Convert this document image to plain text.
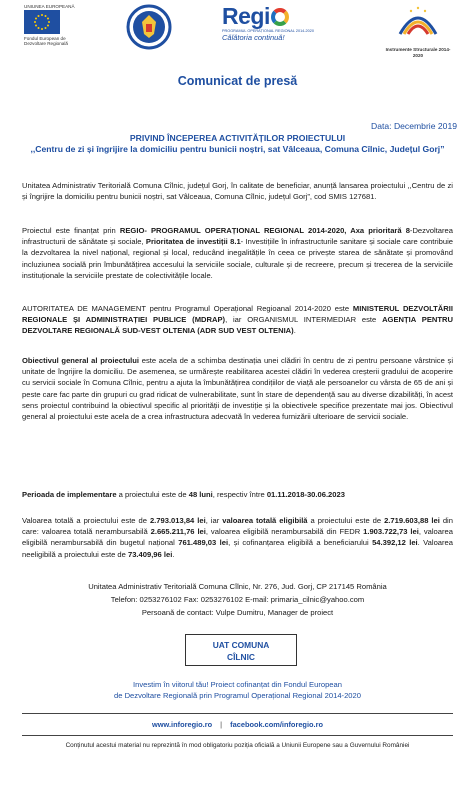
UNIUNEA EUROPEANĂ
Fondul European de Dezvoltare Regională
Regi
PROGRAMUL OPERAȚIONAL REGIONAL 2014-2020
Călătoria continuă!
Instrumente Structurale 2014-2020
Comunicat de presă
Data: Decembrie 2019
PRIVIND ÎNCEPEREA ACTIVITĂȚILOR PROIECTULUI
,,Centru de zi și îngrijire la domiciliu pentru bunicii noștri, sat Vâlceaua, Comuna Cîlnic, Județul Gorj”
Unitatea Administrativ Teritorială Comuna Cîlnic, județul Gorj, în calitate de beneficiar, anunță lansarea proiectului ,,Centru de zi și îngrijire la domiciliu pentru bunicii noștri, sat Vâlceaua, Comuna Cîlnic, județul Gorj”, cod SMIS 127681.
Proiectul este finanțat prin REGIO- PROGRAMUL OPERAȚIONAL REGIONAL 2014-2020, Axa prioritară 8-Dezvoltarea infrastructurii de sănătate și sociale, Prioritatea de investiții 8.1- Investițiile în infrastructurile sanitare și sociale care contribuie la dezvoltarea la nivel național, regional și local, reducând inegalitățile în ceea ce privește starea de sănătate și promovând incluziunea socială prin îmbunătățirea accesului la serviciile sociale, culturale și de recreere, precum și trecerea de la serviciile instituționale la serviciile prestate de colectivitățile locale.
AUTORITATEA DE MANAGEMENT pentru Programul Operațional Regioanal 2014-2020 este MINISTERUL DEZVOLTĂRII REGIONALE ȘI ADMINISTRAȚIEI PUBLICE (MDRAP), iar ORGANISMUL INTERMEDIAR este AGENȚIA PENTRU DEZVOLTARE REGIONALĂ SUD-VEST OLTENIA (ADR SUD VEST OLTENIA).
Obiectivul general al proiectului este acela de a schimba destinația unei clădiri în centru de zi pentru persoane vârstnice și unitate de îngrijire la domiciliu. De asemenea, se urmărește reabilitarea acestei clădiri în vederea creșterii gradului de acoperire cu servicii sociale în Comuna Cîlnic, pentru a ajuta la îmbunătățirea condițiilor de viață ale persoanelor cu vârsta de 65 de ani și peste care fac parte din grupuri cu grad ridicat de vulnerabilitate, sunt în stare de dependență sau au diverse dizabilități, în acest sens proiectul contribuind la obiectivul specific al priorității de investiție și la obiectivele specifice prezentate mai jos. Obiectivul general al proiectului este acela de a crea infrastructura adecvată în vederea furnizării ulterioare de servicii sociale.
Perioada de implementare a proiectului este de 48 luni, respectiv între 01.11.2018-30.06.2023
Valoarea totală a proiectului este de 2.793.013,84 lei, iar valoarea totală eligibilă a proiectului este de 2.719.603,88 lei din care: valoarea totală nerambursabilă 2.665.211,76 lei, valoarea eligibilă nerambursabilă din FEDR 1.903.722,73 lei, valoarea eligibilă nerambursabilă din bugetul național 761.489,03 lei, și cofinanțarea eligibilă a beneficiarului 54.392,12 lei. Valoarea neeligibilă a proiectului este de 73.409,96 lei.
Unitatea Administrativ Teritorială Comuna Cîlnic, Nr. 276, Jud. Gorj, CP 217145 România
Telefon: 0253276102 Fax: 0253276102 E-mail: primaria_cilnic@yahoo.com
Persoană de contact: Vulpe Dumitru, Manager de proiect
UAT COMUNA
CÎLNIC
Investim în viitorul tău! Proiect cofinanțat din Fondul European
de Dezvoltare Regională prin Programul Operațional Regional 2014-2020
www.inforegio.ro | facebook.com/inforegio.ro
Conținutul acestui material nu reprezintă în mod obligatoriu poziția oficială a Uniunii Europene sau a Guvernului României
